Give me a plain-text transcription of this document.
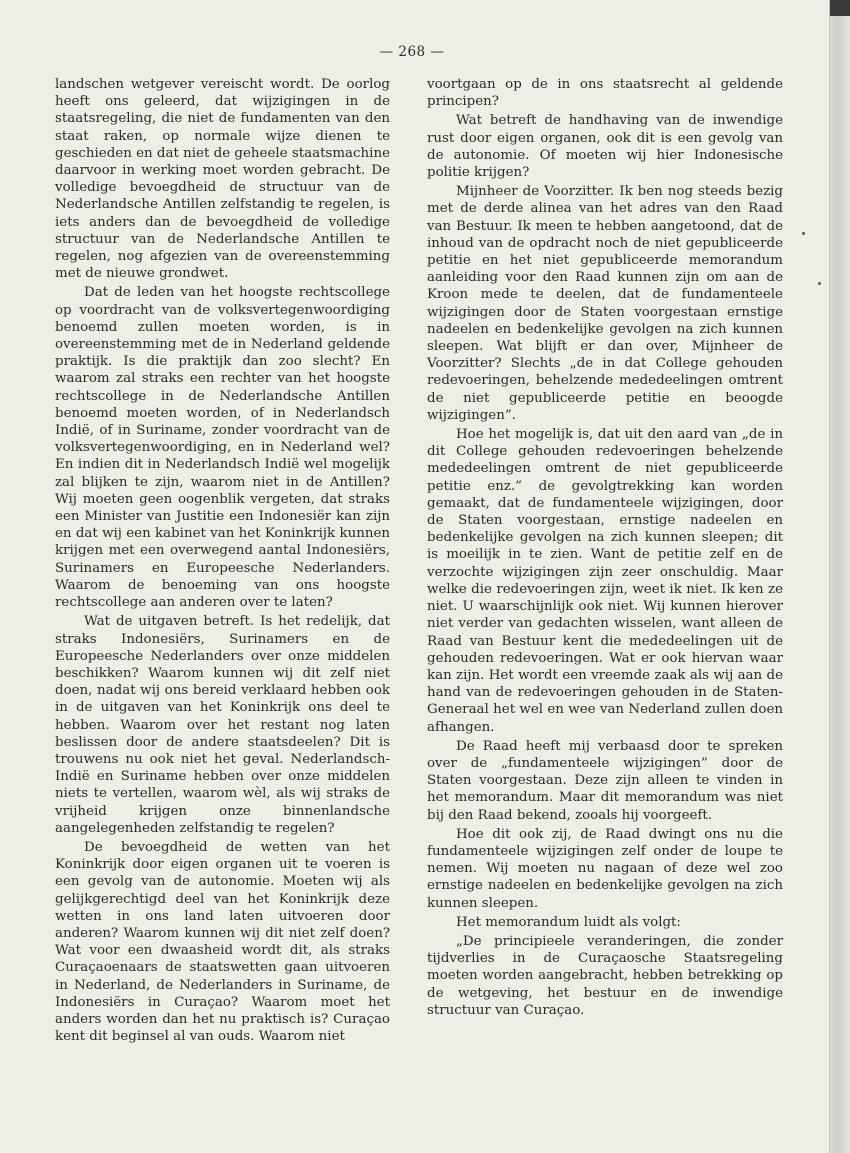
— 268 —

landschen wetgever vereischt wordt. De oorlog heeft ons geleerd, dat wijzigingen in de staatsregeling, die niet de fundamenten van den staat raken, op normale wijze dienen te geschieden en dat niet de geheele staatsmachine daarvoor in werking moet worden gebracht. De volledige bevoegdheid de structuur van de Nederlandsche Antillen zelfstandig te regelen, is iets anders dan de bevoegdheid de volledige structuur van de Nederlandsche Antillen te regelen, nog afgezien van de overeenstemming met de nieuwe grondwet.

Dat de leden van het hoogste rechtscollege op voordracht van de volksvertegenwoordiging benoemd zullen moeten worden, is in overeenstemming met de in Nederland geldende praktijk. Is die praktijk dan zoo slecht? En waarom zal straks een rechter van het hoogste rechtscollege in de Nederlandsche Antillen benoemd moeten worden, of in Nederlandsch Indië, of in Suriname, zonder voordracht van de volksvertegenwoordiging, en in Nederland wel? En indien dit in Nederlandsch Indië wel mogelijk zal blijken te zijn, waarom niet in de Antillen? Wij moeten geen oogenblik vergeten, dat straks een Minister van Justitie een Indonesiër kan zijn en dat wij een kabinet van het Koninkrijk kunnen krijgen met een overwegend aantal Indonesiërs, Surinamers en Europeesche Nederlanders. Waarom de benoeming van ons hoogste rechtscollege aan anderen over te laten?

Wat de uitgaven betreft. Is het redelijk, dat straks Indonesiërs, Surinamers en de Europeesche Nederlanders over onze middelen beschikken? Waarom kunnen wij dit zelf niet doen, nadat wij ons bereid verklaard hebben ook in de uitgaven van het Koninkrijk ons deel te hebben. Waarom over het restant nog laten beslissen door de andere staatsdeelen? Dit is trouwens nu ook niet het geval. Nederlandsch-Indië en Suriname hebben over onze middelen niets te vertellen, waarom wèl, als wij straks de vrijheid krijgen onze binnenlandsche aangelegenheden zelfstandig te regelen?

De bevoegdheid de wetten van het Koninkrijk door eigen organen uit te voeren is een gevolg van de autonomie. Moeten wij als gelijkgerechtigd deel van het Koninkrijk deze wetten in ons land laten uitvoeren door anderen? Waarom kunnen wij dit niet zelf doen? Wat voor een dwaasheid wordt dit, als straks Curaçaoenaars de staatswetten gaan uitvoeren in Nederland, de Nederlanders in Suriname, de Indonesiërs in Curaçao? Waarom moet het anders worden dan het nu praktisch is? Curaçao kent dit beginsel al van ouds. Waarom niet

voortgaan op de in ons staatsrecht al geldende principen?

Wat betreft de handhaving van de inwendige rust door eigen organen, ook dit is een gevolg van de autonomie. Of moeten wij hier Indonesische politie krijgen?

Mijnheer de Voorzitter. Ik ben nog steeds bezig met de derde alinea van het adres van den Raad van Bestuur. Ik meen te hebben aangetoond, dat de inhoud van de opdracht noch de niet gepubliceerde petitie en het niet gepubliceerde memorandum aanleiding voor den Raad kunnen zijn om aan de Kroon mede te deelen, dat de fundamenteele wijzigingen door de Staten voorgestaan ernstige nadeelen en bedenkelijke gevolgen na zich kunnen sleepen. Wat blijft er dan over, Mijnheer de Voorzitter? Slechts „de in dat College gehouden redevoeringen, behelzende mededeelingen omtrent de niet gepubliceerde petitie en beoogde wijzigingen”.

Hoe het mogelijk is, dat uit den aard van „de in dit College gehouden redevoeringen behelzende mededeelingen omtrent de niet gepubliceerde petitie enz.” de gevolgtrekking kan worden gemaakt, dat de fundamenteele wijzigingen, door de Staten voorgestaan, ernstige nadeelen en bedenkelijke gevolgen na zich kunnen sleepen; dit is moeilijk in te zien. Want de petitie zelf en de verzochte wijzigingen zijn zeer onschuldig. Maar welke die redevoeringen zijn, weet ik niet. Ik ken ze niet. U waarschijnlijk ook niet. Wij kunnen hierover niet verder van gedachten wisselen, want alleen de Raad van Bestuur kent die mededeelingen uit de gehouden redevoeringen. Wat er ook hiervan waar kan zijn. Het wordt een vreemde zaak als wij aan de hand van de redevoeringen gehouden in de Staten-Generaal het wel en wee van Nederland zullen doen afhangen.

De Raad heeft mij verbaasd door te spreken over de „fundamenteele wijzigingen” door de Staten voorgestaan. Deze zijn alleen te vinden in het memorandum. Maar dit memorandum was niet bij den Raad bekend, zooals hij voorgeeft.

Hoe dit ook zij, de Raad dwingt ons nu die fundamenteele wijzigingen zelf onder de loupe te nemen. Wij moeten nu nagaan of deze wel zoo ernstige nadeelen en bedenkelijke gevolgen na zich kunnen sleepen.

Het memorandum luidt als volgt:

„De principieele veranderingen, die zonder tijdverlies in de Curaçaosche Staatsregeling moeten worden aangebracht, hebben betrekking op de wetgeving, het bestuur en de inwendige structuur van Curaçao.
